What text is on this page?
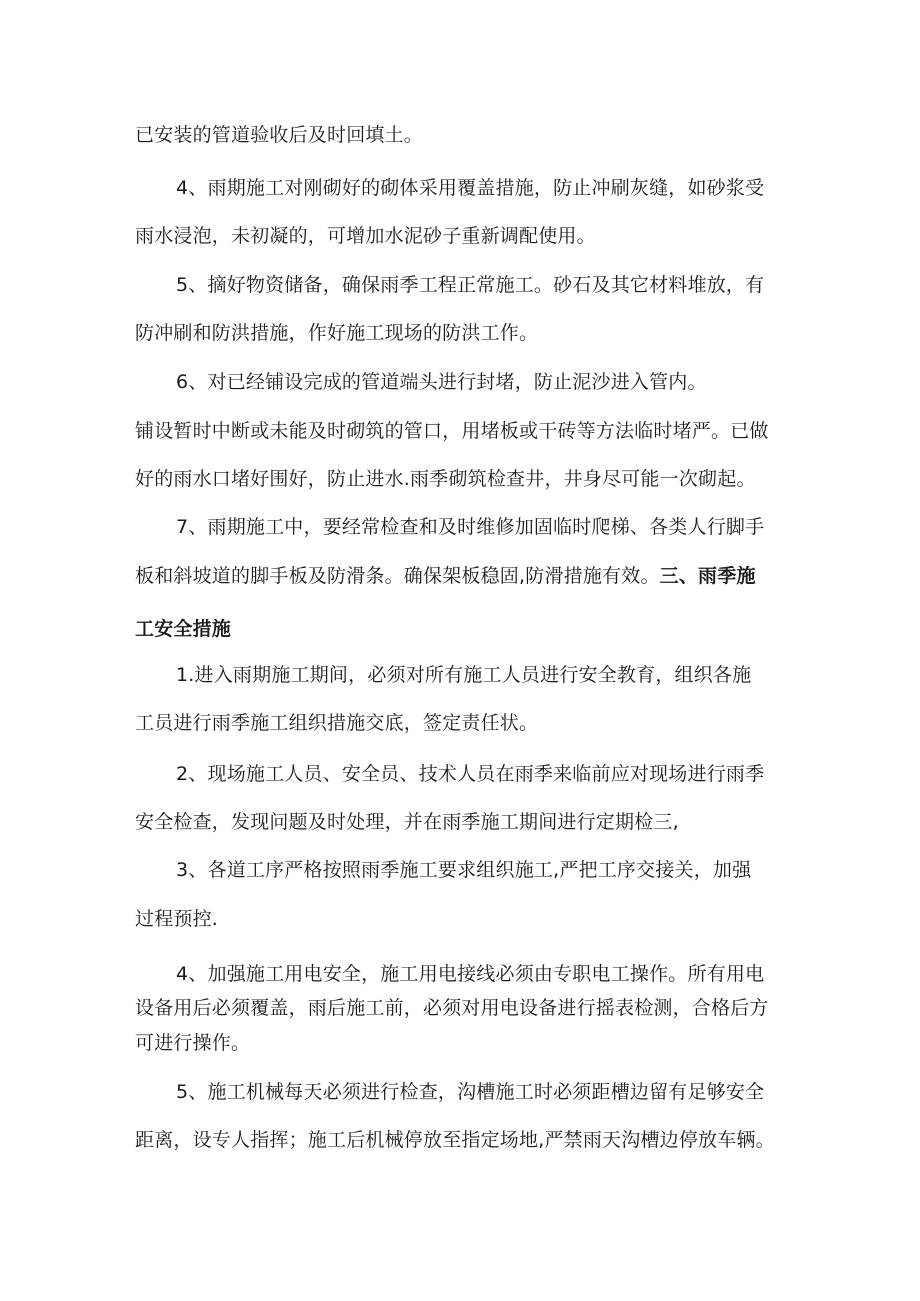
已安装的管道验收后及时回填土。
4、雨期施工对刚砌好的砌体采用覆盖措施，防止冲刷灰缝，如砂浆受
雨水浸泡，未初凝的，可增加水泥砂子重新调配使用。
5、摘好物资储备，确保雨季工程正常施工。砂石及其它材料堆放，有
防冲刷和防洪措施，作好施工现场的防洪工作。
6、对已经铺设完成的管道端头进行封堵，防止泥沙进入管内。
铺设暂时中断或未能及时砌筑的管口，用堵板或干砖等方法临时堵严。已做
好的雨水口堵好围好，防止进水.雨季砌筑检查井，井身尽可能一次砌起。
7、雨期施工中，要经常检查和及时维修加固临时爬梯、各类人行脚手
板和斜坡道的脚手板及防滑条。确保架板稳固,防滑措施有效。三、雨季施
工安全措施
1.进入雨期施工期间，必须对所有施工人员进行安全教育，组织各施
工员进行雨季施工组织措施交底，签定责任状。
2、现场施工人员、安全员、技术人员在雨季来临前应对现场进行雨季
安全检查，发现问题及时处理，并在雨季施工期间进行定期检三,
3、各道工序严格按照雨季施工要求组织施工,严把工序交接关，加强
过程预控.
4、加强施工用电安全，施工用电接线必须由专职电工操作。所有用电
设备用后必须覆盖，雨后施工前，必须对用电设备进行摇表检测，合格后方
可进行操作。
5、施工机械每天必须进行检查，沟槽施工时必须距槽边留有足够安全
距离，设专人指挥；施工后机械停放至指定场地,严禁雨天沟槽边停放车辆。
